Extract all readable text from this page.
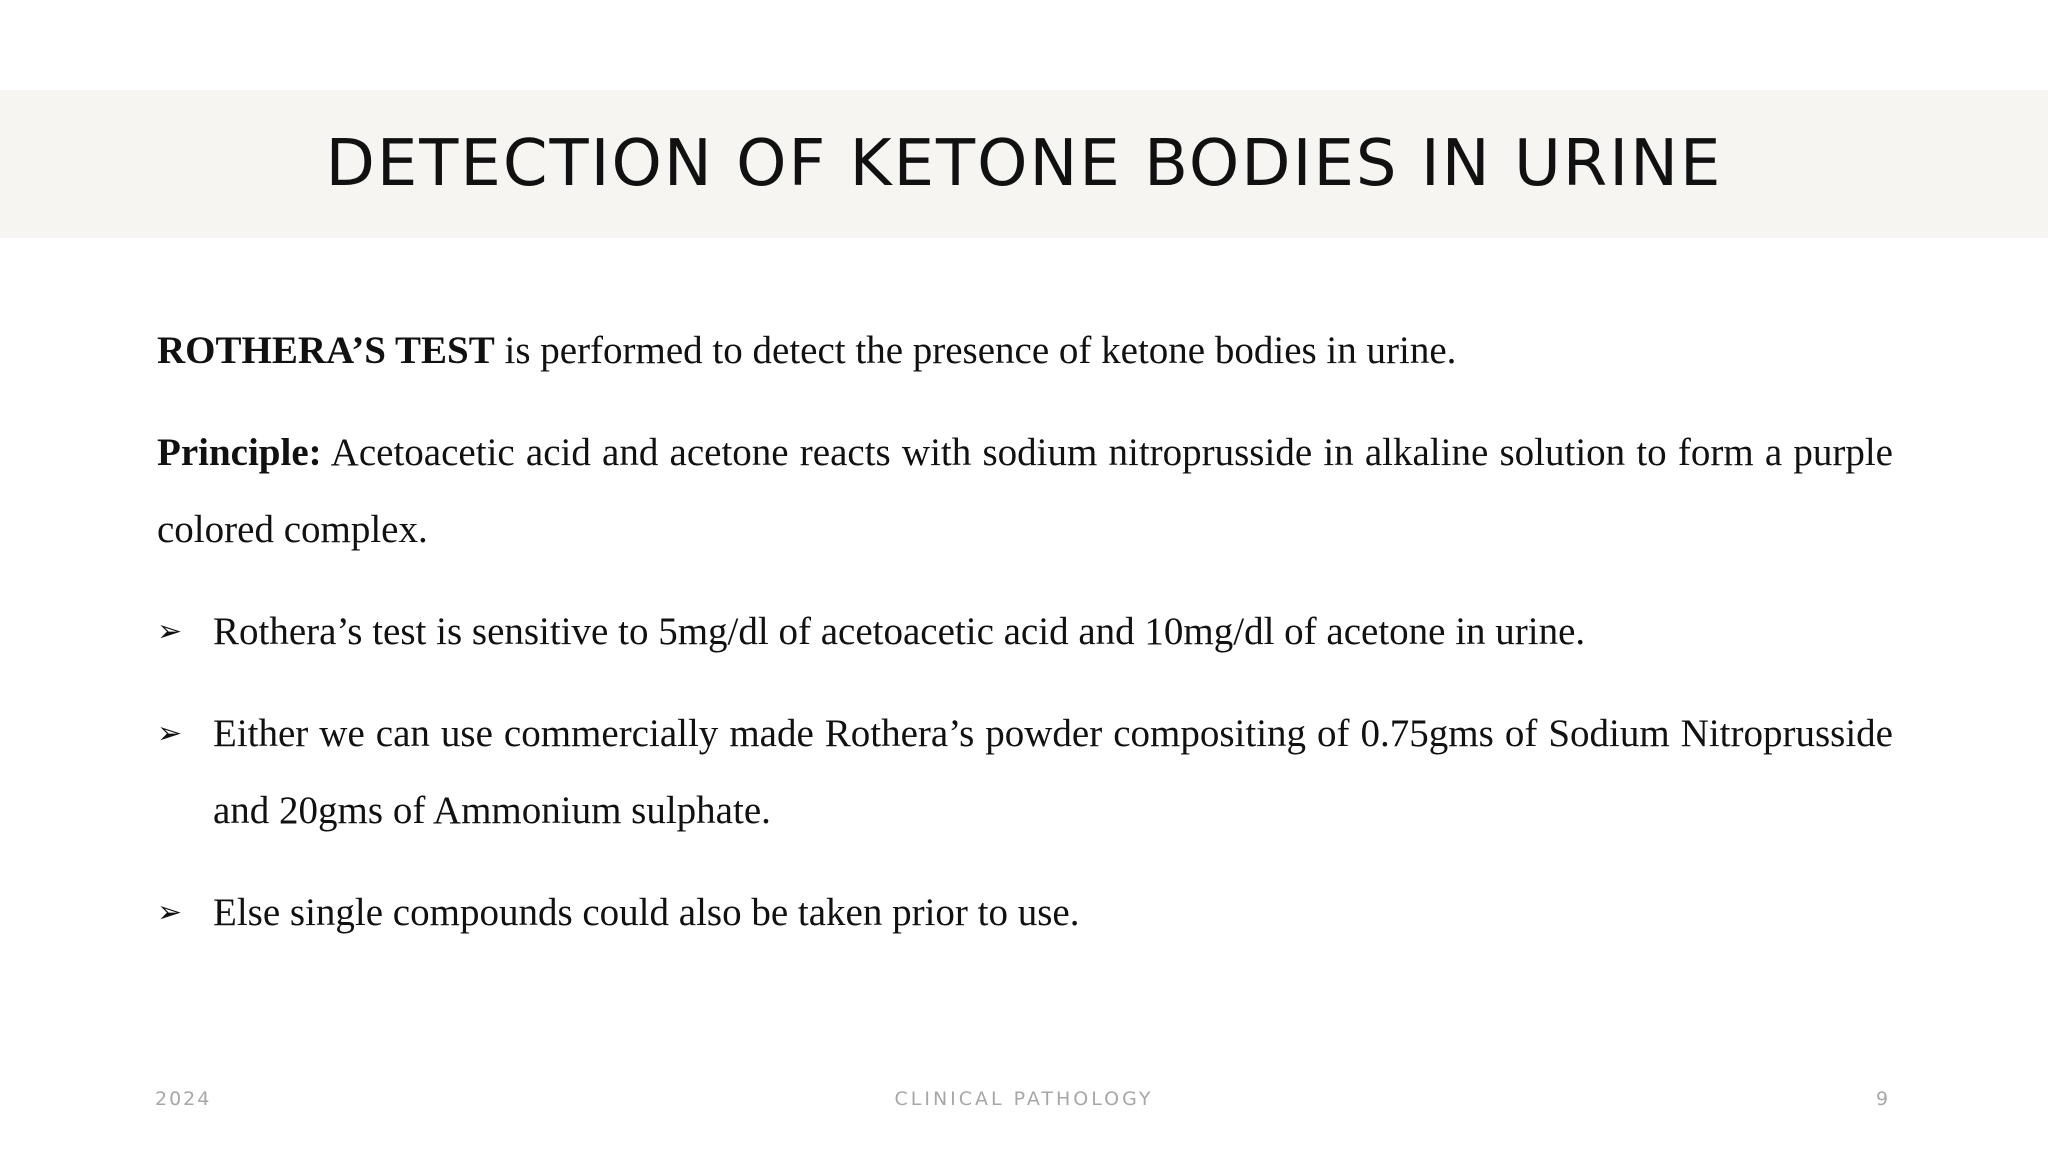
DETECTION OF KETONE BODIES IN URINE

ROTHERA’S TEST is performed to detect the presence of ketone bodies in urine.

Principle: Acetoacetic acid and acetone reacts with sodium nitroprusside in alkaline solution to form a purple colored complex.

➢ Rothera’s test is sensitive to 5mg/dl of acetoacetic acid and 10mg/dl of acetone in urine.
➢ Either we can use commercially made Rothera’s powder compositing of 0.75gms of Sodium Nitroprusside and 20gms of Ammonium sulphate.
➢ Else single compounds could also be taken prior to use.
2024	CLINICAL PATHOLOGY	9
